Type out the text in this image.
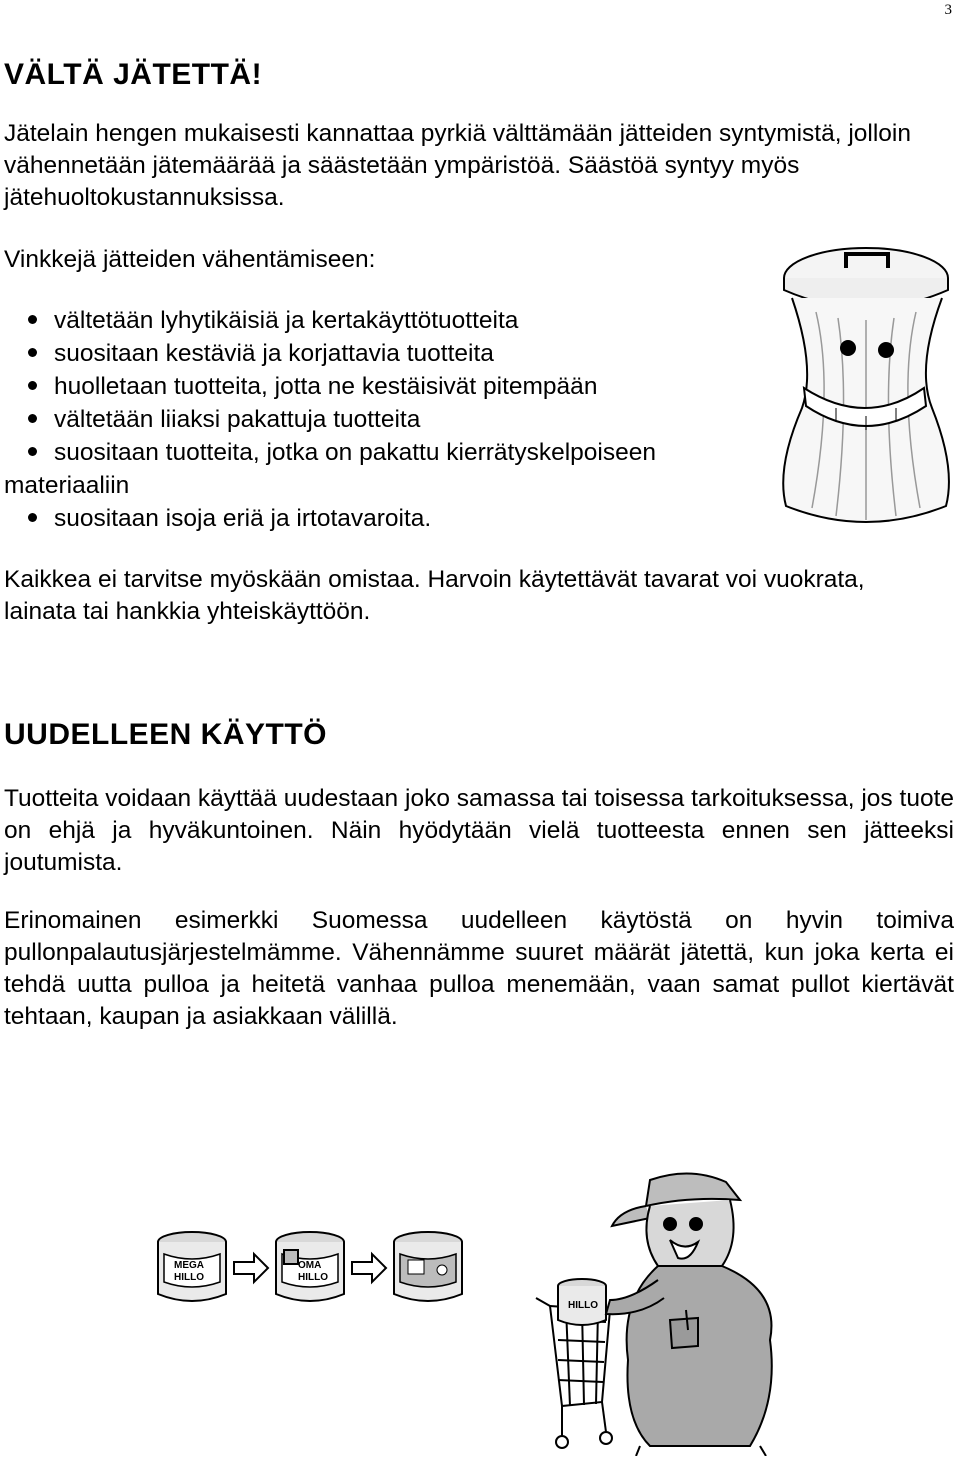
3
VÄLTÄ JÄTETTÄ!

Jätelain hengen mukaisesti kannattaa pyrkiä välttämään jätteiden syntymistä, jolloin vähennetään jätemäärää ja säästetään ympäristöä. Säästöä syntyy myös jätehuoltokustannuksissa.

Vinkkejä jätteiden vähentämiseen:

vältetään lyhytikäisiä ja kertakäyttötuotteita
suositaan kestäviä ja korjattavia tuotteita
huolletaan tuotteita, jotta ne kestäisivät pitempään
vältetään liiaksi pakattuja tuotteita
suositaan tuotteita, jotka on pakattu kierrätyskelpoiseen materiaaliin
suositaan isoja eriä ja irtotavaroita.

Kaikkea ei tarvitse myöskään omistaa. Harvoin käytettävät tavarat voi vuokrata, lainata tai hankkia yhteiskäyttöön.

UUDELLEEN KÄYTTÖ

Tuotteita voidaan käyttää uudestaan joko samassa tai toisessa tarkoituksessa, jos tuote on ehjä ja hyväkuntoinen. Näin hyödytään vielä tuotteesta ennen sen jätteeksi joutumista.

Erinomainen esimerkki Suomessa uudelleen käytöstä on hyvin toimiva pullonpalautusjärjestelmämme. Vähennämme suuret määrät jätettä, kun joka kerta ei tehdä uutta pulloa ja heitetä vanhaa pulloa menemään, vaan samat pullot kiertävät tehtaan, kaupan ja asiakkaan välillä.

MEGA
HILLO
OMA
HILLO
HILLO
